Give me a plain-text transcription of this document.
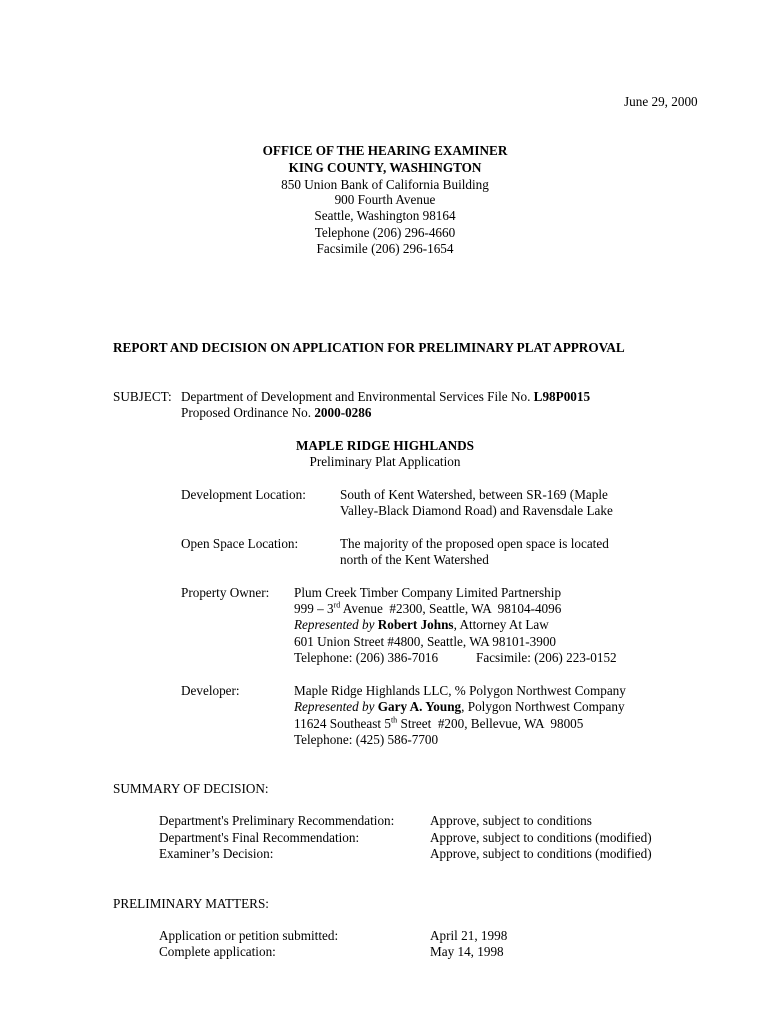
June 29, 2000
OFFICE OF THE HEARING EXAMINER
KING COUNTY, WASHINGTON
850 Union Bank of California Building
900 Fourth Avenue
Seattle, Washington 98164
Telephone (206) 296-4660
Facsimile (206) 296-1654
REPORT AND DECISION ON APPLICATION FOR PRELIMINARY PLAT APPROVAL
SUBJECT: Department of Development and Environmental Services File No. L98P0015
Proposed Ordinance No. 2000-0286
MAPLE RIDGE HIGHLANDS
Preliminary Plat Application
Development Location:	South of Kent Watershed, between SR-169 (Maple
Valley-Black Diamond Road) and Ravensdale Lake
Open Space Location:	The majority of the proposed open space is located
north of the Kent Watershed
Property Owner: Plum Creek Timber Company Limited Partnership
999 – 3rd Avenue  #2300, Seattle, WA  98104-4096
Represented by Robert Johns, Attorney At Law
601 Union Street #4800, Seattle, WA 98101-3900
Telephone: (206) 386-7016	Facsimile: (206) 223-0152
Developer:	Maple Ridge Highlands LLC, % Polygon Northwest Company
Represented by Gary A. Young, Polygon Northwest Company
11624 Southeast 5th Street  #200, Bellevue, WA  98005
Telephone: (425) 586-7700
SUMMARY OF DECISION:
Department's Preliminary Recommendation:	Approve, subject to conditions
Department's Final Recommendation:	Approve, subject to conditions (modified)
Examiner’s Decision:	Approve, subject to conditions (modified)
PRELIMINARY MATTERS:
Application or petition submitted:	April 21, 1998
Complete application:	May 14, 1998
